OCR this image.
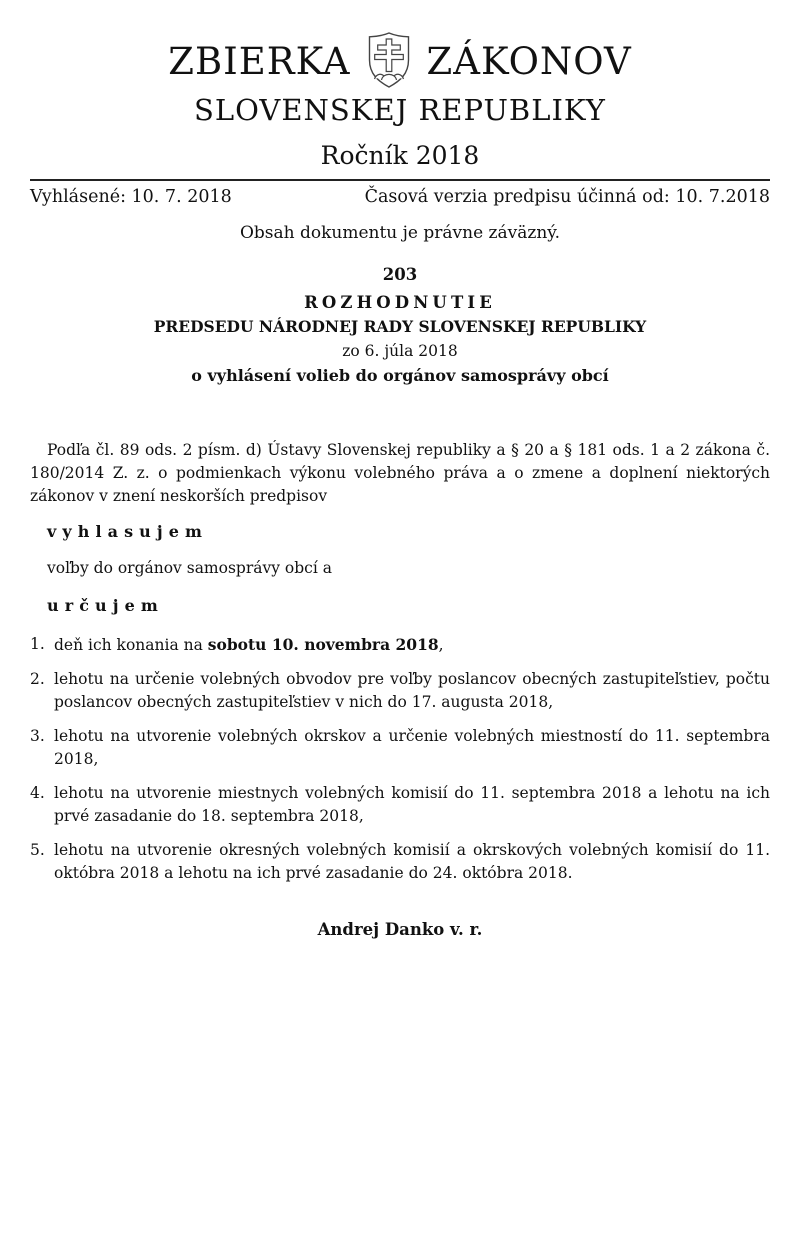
ZBIERKA ZÁKONOV
SLOVENSKEJ REPUBLIKY
Ročník 2018
Vyhlásené: 10. 7. 2018	Časová verzia predpisu účinná od: 10. 7.2018
Obsah dokumentu je právne záväzný.
203
ROZHODNUTIE
PREDSEDU NÁRODNEJ RADY SLOVENSKEJ REPUBLIKY
zo 6. júla 2018
o vyhlásení volieb do orgánov samosprávy obcí

Podľa čl. 89 ods. 2 písm. d) Ústavy Slovenskej republiky a § 20 a § 181 ods. 1 a 2 zákona č. 180/2014 Z. z. o podmienkach výkonu volebného práva a o zmene a doplnení niektorých zákonov v znení neskorších predpisov

vyhlasujem

voľby do orgánov samosprávy obcí a

určujem
1. deň ich konania na sobotu 10. novembra 2018,
2. lehotu na určenie volebných obvodov pre voľby poslancov obecných zastupiteľstiev, počtu poslancov obecných zastupiteľstiev v nich do 17. augusta 2018,
3. lehotu na utvorenie volebných okrskov a určenie volebných miestností do 11. septembra 2018,
4. lehotu na utvorenie miestnych volebných komisií do 11. septembra 2018 a lehotu na ich prvé zasadanie do 18. septembra 2018,
5. lehotu na utvorenie okresných volebných komisií a okrskových volebných komisií do 11. októbra 2018 a lehotu na ich prvé zasadanie do 24. októbra 2018.
Andrej Danko v. r.
